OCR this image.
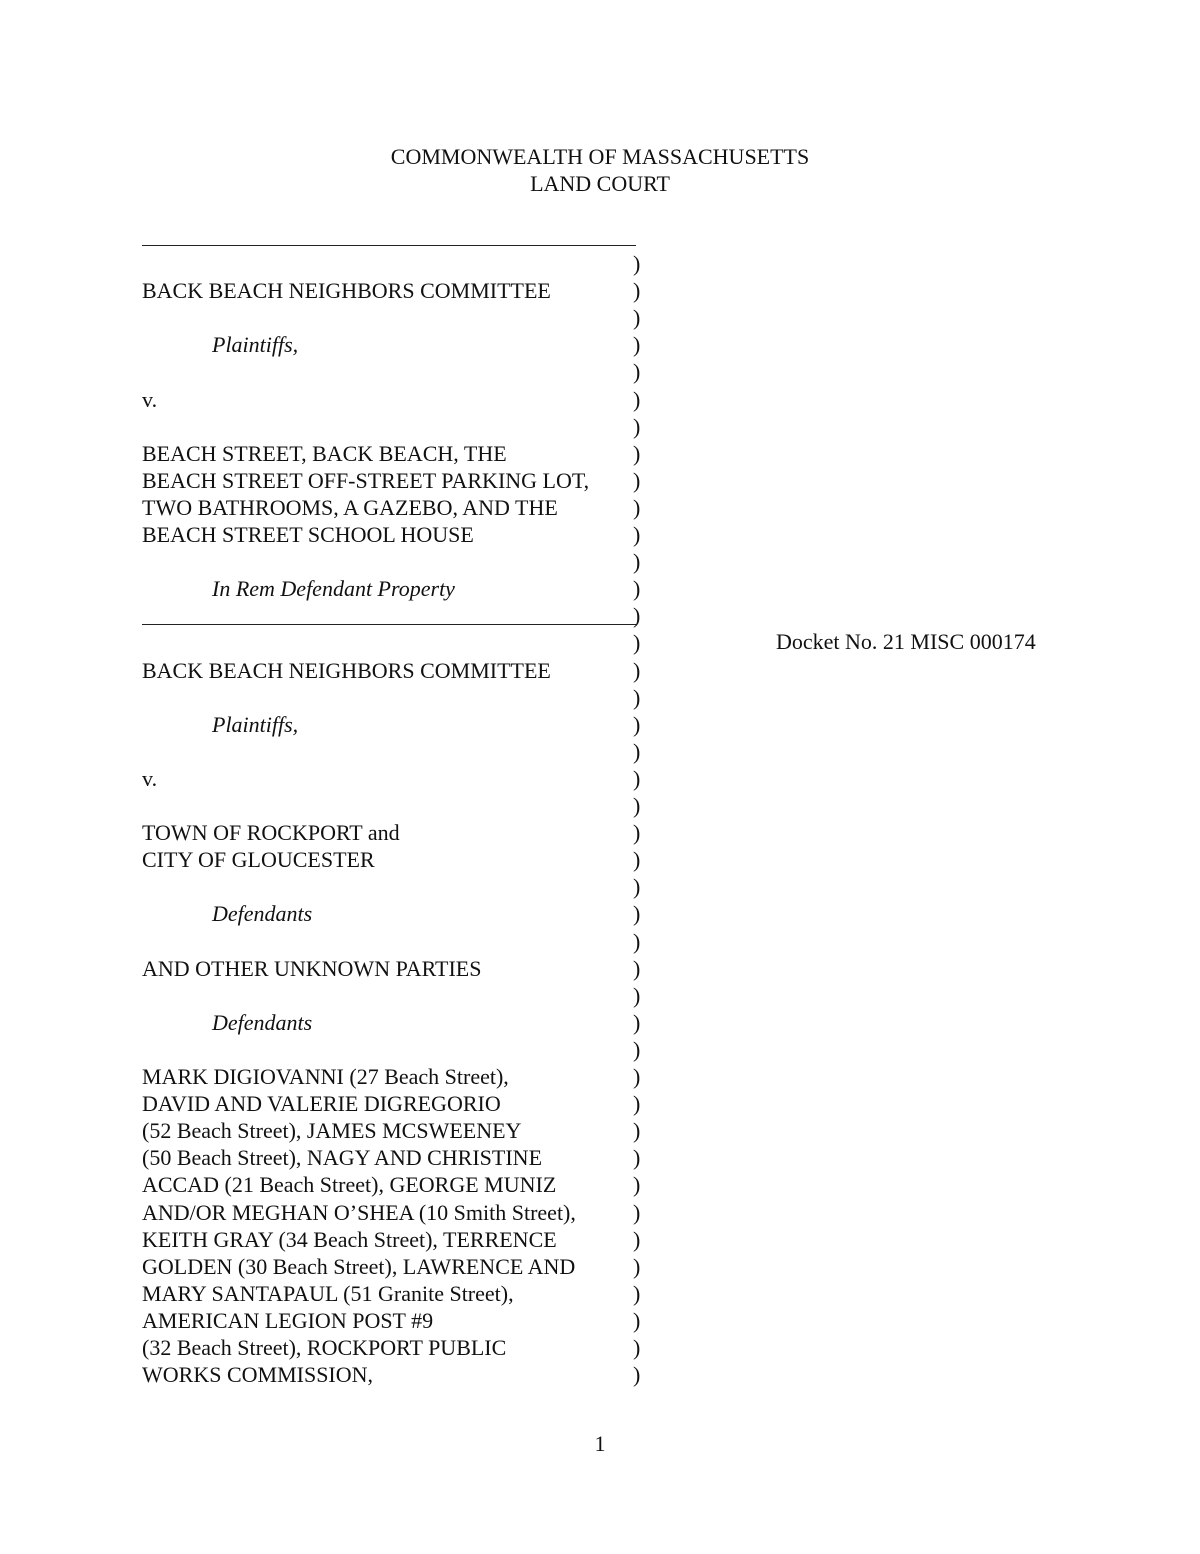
COMMONWEALTH OF MASSACHUSETTS
LAND COURT
)
BACK BEACH NEIGHBORS COMMITTEE	)
)
Plaintiffs,	)
)
v.	)
)
BEACH STREET, BACK BEACH, THE	)
BEACH STREET OFF-STREET PARKING LOT, )
TWO BATHROOMS, A GAZEBO, AND THE	)
BEACH STREET SCHOOL HOUSE	)
)
In Rem Defendant Property	)
)
)
BACK BEACH NEIGHBORS COMMITTEE	)
)
Plaintiffs,	)
)
v.	)
)
TOWN OF ROCKPORT and	)
CITY OF GLOUCESTER	)
)
Defendants	)
)
AND OTHER UNKNOWN PARTIES	)
)
Defendants	)
)
MARK DIGIOVANNI (27 Beach Street),	)
DAVID AND VALERIE DIGREGORIO	)
(52 Beach Street), JAMES MCSWEENEY	)
(50 Beach Street), NAGY AND CHRISTINE	)
ACCAD (21 Beach Street), GEORGE MUNIZ	)
AND/OR MEGHAN O’SHEA (10 Smith Street),	)
KEITH GRAY (34 Beach Street), TERRENCE	)
GOLDEN (30 Beach Street), LAWRENCE AND	)
MARY SANTAPAUL (51 Granite Street),	)
AMERICAN LEGION POST #9	)
(32 Beach Street), ROCKPORT PUBLIC	)
WORKS COMMISSION,	)
Docket No. 21 MISC 000174
1
